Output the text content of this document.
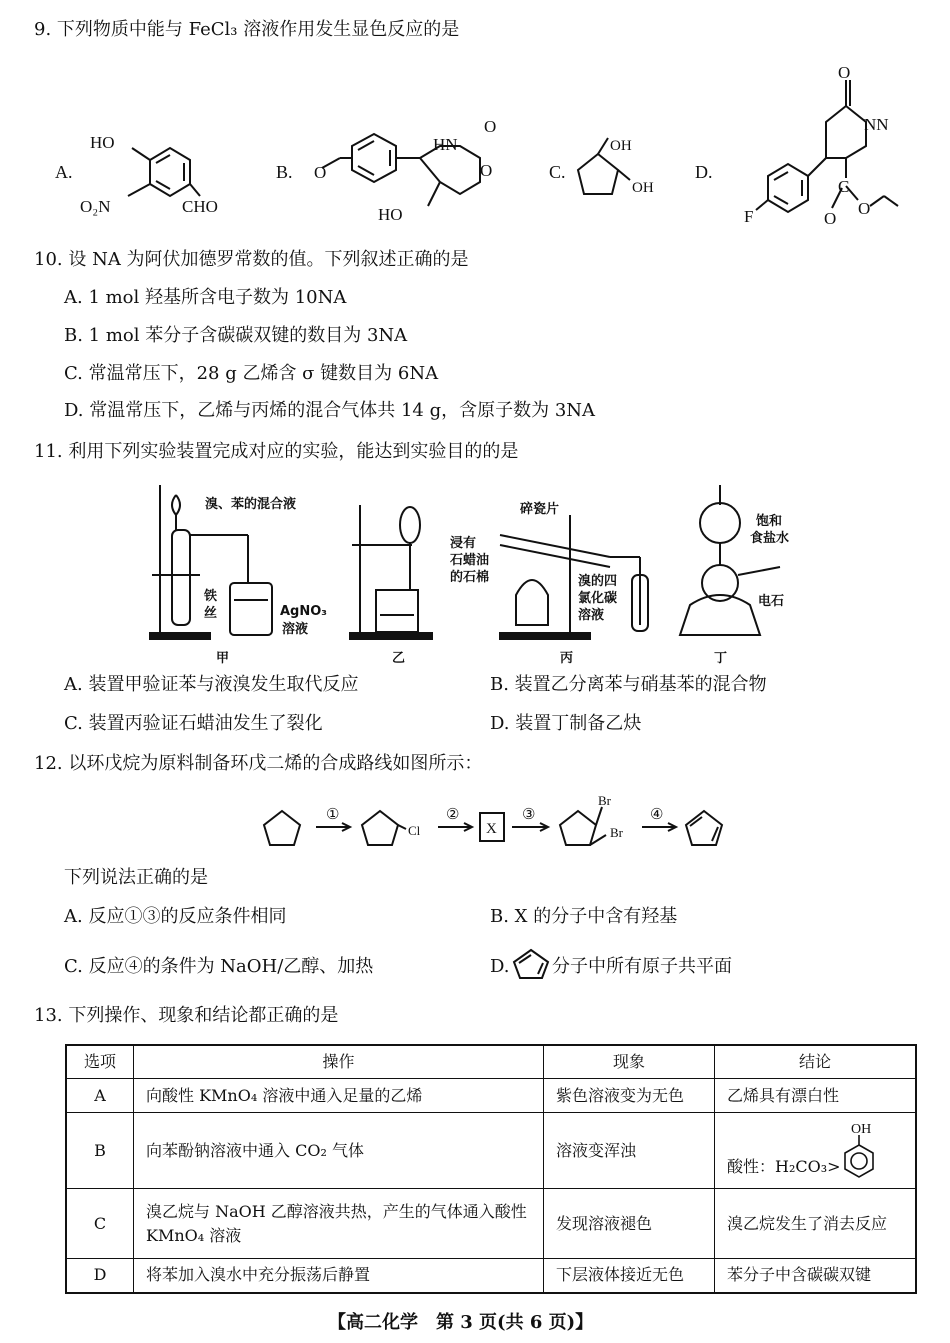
9. 下列物质中能与 FeCl₃ 溶液作用发生显色反应的是
A.
HO
O₂N	CHO
B. O
HN
O
O
HO
C.
OH
OH
D.
O
NN
F
C
O
O
10. 设 NA 为阿伏加德罗常数的值。下列叙述正确的是
A. 1 mol 羟基所含电子数为 10NA
B. 1 mol 苯分子含碳碳双键的数目为 3NA
C. 常温常压下，28 g 乙烯含 σ 键数目为 6NA
D. 常温常压下，乙烯与丙烯的混合气体共 14 g，含原子数为 3NA
11. 利用下列实验装置完成对应的实验，能达到实验目的的是
溴、苯的混合液
铁
丝	AgNO₃
溶液
碎瓷片
浸有
石蜡油
的石棉	溴的四
氯化碳
溶液
饱和
食盐水
电石
甲	乙	丙	丁
A. 装置甲验证苯与液溴发生取代反应	B. 装置乙分离苯与硝基苯的混合物
C. 装置丙验证石蜡油发生了裂化	D. 装置丁制备乙炔
12. 以环戊烷为原料制备环戊二烯的合成路线如图所示：
①	②	③	④
X
Cl
Br
Br
下列说法正确的是
A. 反应①③的反应条件相同	B. X 的分子中含有羟基
C. 反应④的条件为 NaOH/乙醇、加热	D. 分子中所有原子共平面
13. 下列操作、现象和结论都正确的是
选项	操作	现象	结论
A	向酸性 KMnO₄ 溶液中通入足量的乙烯	紫色溶液变为无色	乙烯具有漂白性
B	向苯酚钠溶液中通入 CO₂ 气体	溶液变浑浊	酸性：H₂CO₃>
OH

C	溴乙烷与 NaOH 乙醇溶液共热，产生的气体通入酸性
KMnO₄ 溶液	发现溶液褪色	溴乙烷发生了消去反应
D	将苯加入溴水中充分振荡后静置	下层液体接近无色	苯分子中含碳碳双键
【高二化学　第 3 页(共 6 页)】
